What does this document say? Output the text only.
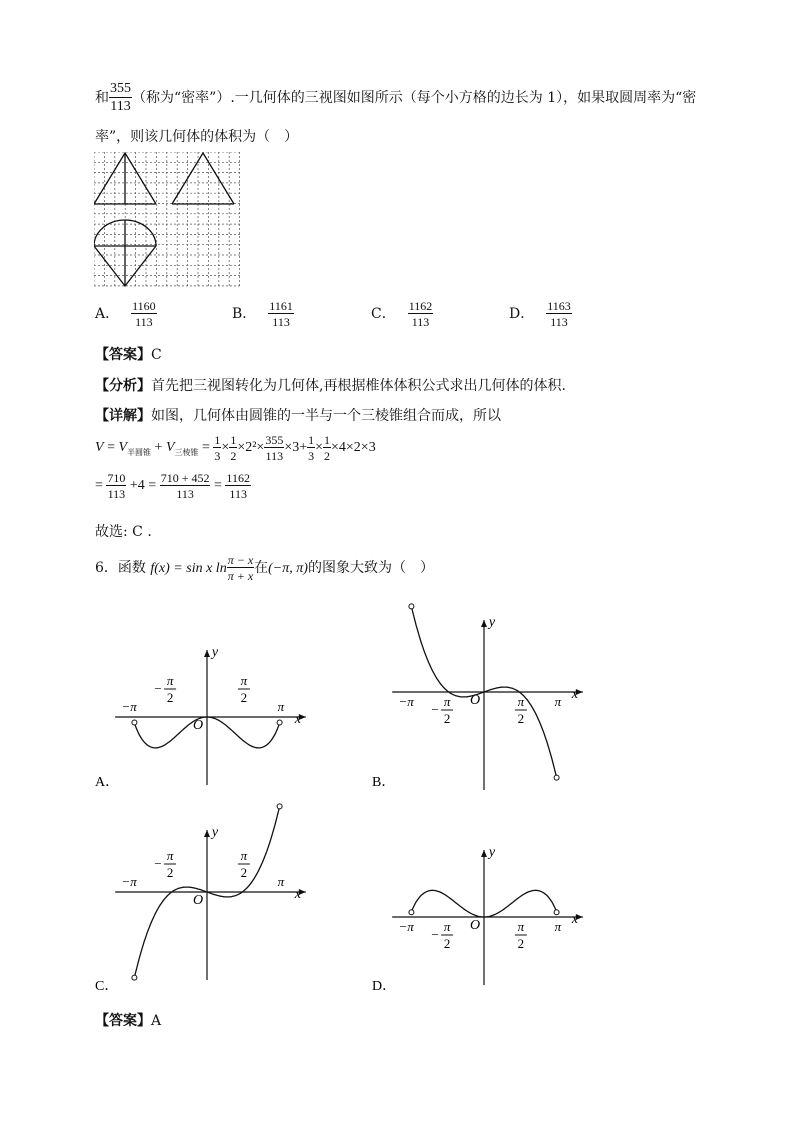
和 $\frac{355}{113}$ （称为“密率”）.一几何体的三视图如图所示（每个小方格的边长为 1），如果取圆周率为“密
率”，则该几何体的体积为（　）
A． $\frac{1160}{113}$	B． $\frac{1161}{113}$	C． $\frac{1162}{113}$	D． $\frac{1163}{113}$
【答案】C
【分析】首先把三视图转化为几何体,再根据椎体体积公式求出几何体的体积.
【详解】如图，几何体由圆锥的一半与一个三棱锥组合而成，所以
$V = V_{半圆锥} + V_{三棱锥} = \frac{1}{3} \times \frac{1}{2} \times 2^2\times \frac{355}{113} \times 3+ \frac{1}{3} \times \frac{1}{2} \times 4\times 2\times 3$
= $\frac{710}{113} +4 = \frac{710 + 452}{113} = \frac{1162}{113}$
故选: C .
6．函数 f(x) = sin x $\ln \frac{\pi - x}{\pi + x}$ 在(−π, π)的图象大致为（　）
y
x
O
−π	π
π
2
−
π
2
A．
y
x
O
−π	π
π
2
−
π
2
B．
y
x
O
−π	π
π
2
−
π
2
C．
y
x
O
−π	π
π
2
−
π
2
D．
【答案】A
